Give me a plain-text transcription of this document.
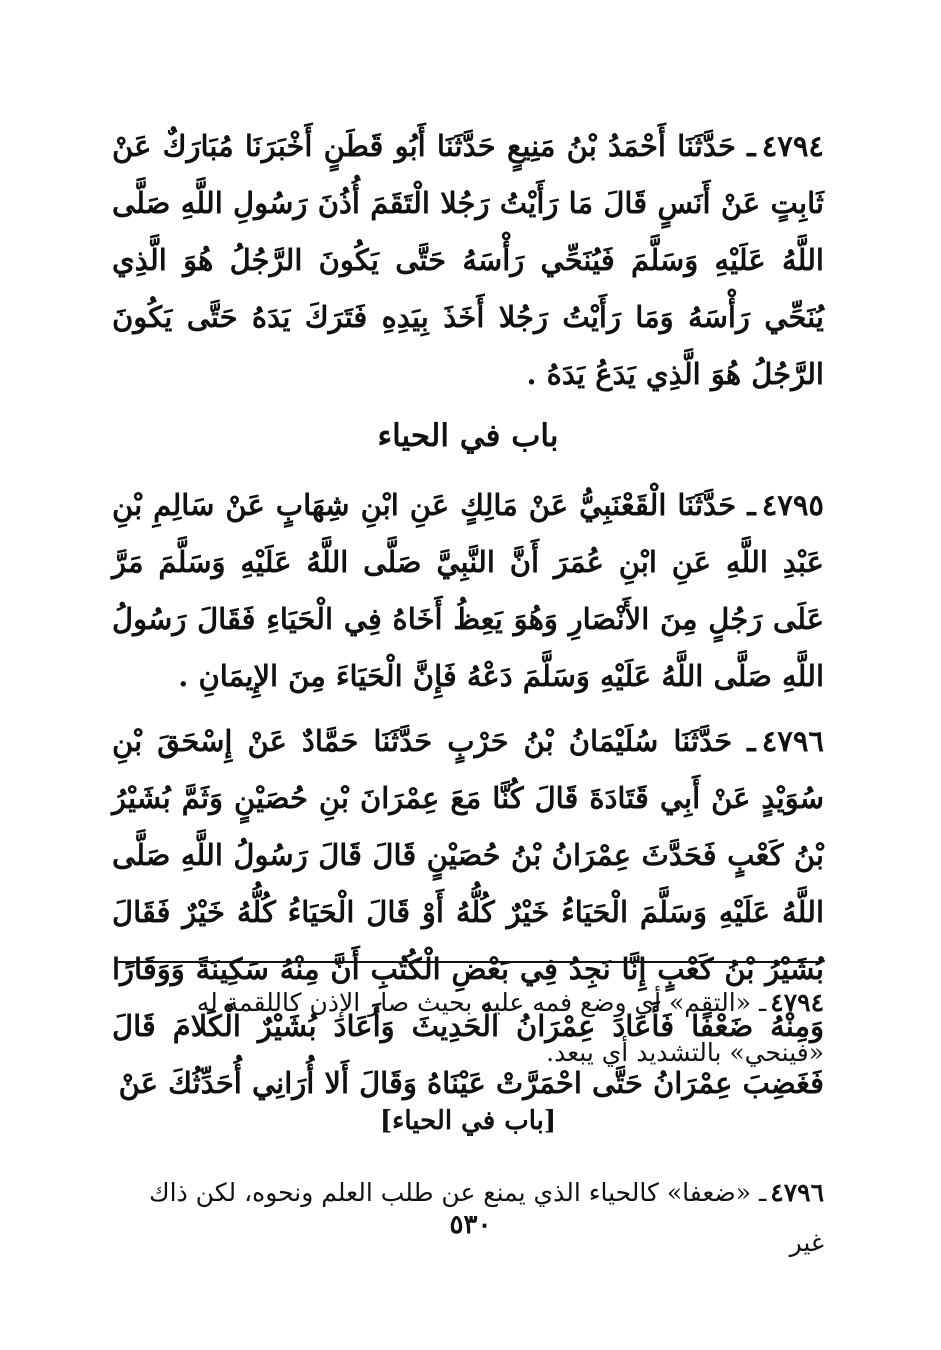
٤٧٩٤ـ حَدَّثَنَا أَحْمَدُ بْنُ مَنِيعٍ حَدَّثَنَا أَبُو قَطَنٍ أَخْبَرَنَا مُبَارَكٌ عَنْ ثَابِتٍ عَنْ أَنَسٍ قَالَ مَا رَأَيْتُ رَجُلا الْتَقَمَ أُذُنَ رَسُولِ اللَّهِ صَلَّى اللَّهُ عَلَيْهِ وَسَلَّمَ فَيُنَحِّي رَأْسَهُ حَتَّى يَكُونَ الرَّجُلُ هُوَ الَّذِي يُنَحِّي رَأْسَهُ وَمَا رَأَيْتُ رَجُلا أَخَذَ بِيَدِهِ فَتَرَكَ يَدَهُ حَتَّى يَكُونَ الرَّجُلُ هُوَ الَّذِي يَدَعُ يَدَهُ .

باب في الحياء

٤٧٩٥ـ حَدَّثَنَا الْقَعْنَبِيُّ عَنْ مَالِكٍ عَنِ ابْنِ شِهَابٍ عَنْ سَالِمِ بْنِ عَبْدِ اللَّهِ عَنِ ابْنِ عُمَرَ أَنَّ النَّبِيَّ صَلَّى اللَّهُ عَلَيْهِ وَسَلَّمَ مَرَّ عَلَى رَجُلٍ مِنَ الأَنْصَارِ وَهُوَ يَعِظُ أَخَاهُ فِي الْحَيَاءِ فَقَالَ رَسُولُ اللَّهِ صَلَّى اللَّهُ عَلَيْهِ وَسَلَّمَ دَعْهُ فَإِنَّ الْحَيَاءَ مِنَ الإِيمَانِ .

٤٧٩٦ـ حَدَّثَنَا سُلَيْمَانُ بْنُ حَرْبٍ حَدَّثَنَا حَمَّادٌ عَنْ إِسْحَقَ بْنِ سُوَيْدٍ عَنْ أَبِي قَتَادَةَ قَالَ كُنَّا مَعَ عِمْرَانَ بْنِ حُصَيْنٍ وَثَمَّ بُشَيْرُ بْنُ كَعْبٍ فَحَدَّثَ عِمْرَانُ بْنُ حُصَيْنٍ قَالَ قَالَ رَسُولُ اللَّهِ صَلَّى اللَّهُ عَلَيْهِ وَسَلَّمَ الْحَيَاءُ خَيْرٌ كُلُّهُ أَوْ قَالَ الْحَيَاءُ كُلُّهُ خَيْرٌ فَقَالَ بُشَيْرُ بْنُ كَعْبٍ إِنَّا نَجِدُ فِي بَعْضِ الْكُتُبِ أَنَّ مِنْهُ سَكِينَةً وَوَقَارًا وَمِنْهُ ضَعْفًا فَأَعَادَ عِمْرَانُ الْحَدِيثَ وَأَعَادَ بُشَيْرٌ الْكَلامَ قَالَ فَغَضِبَ عِمْرَانُ حَتَّى احْمَرَّتْ عَيْنَاهُ وَقَالَ أَلا أُرَانِي أُحَدِّثُكَ عَنْ

٤٧٩٤ـ «التقم» أي وضع فمه عليه بحيث صار الإذن كاللقمة له «فينحي» بالتشديد أي يبعد.

[باب في الحياء]

٤٧٩٦ـ «ضعفا» كالحياء الذي يمنع عن طلب العلم ونحوه، لكن ذاك غير

٥٣٠
